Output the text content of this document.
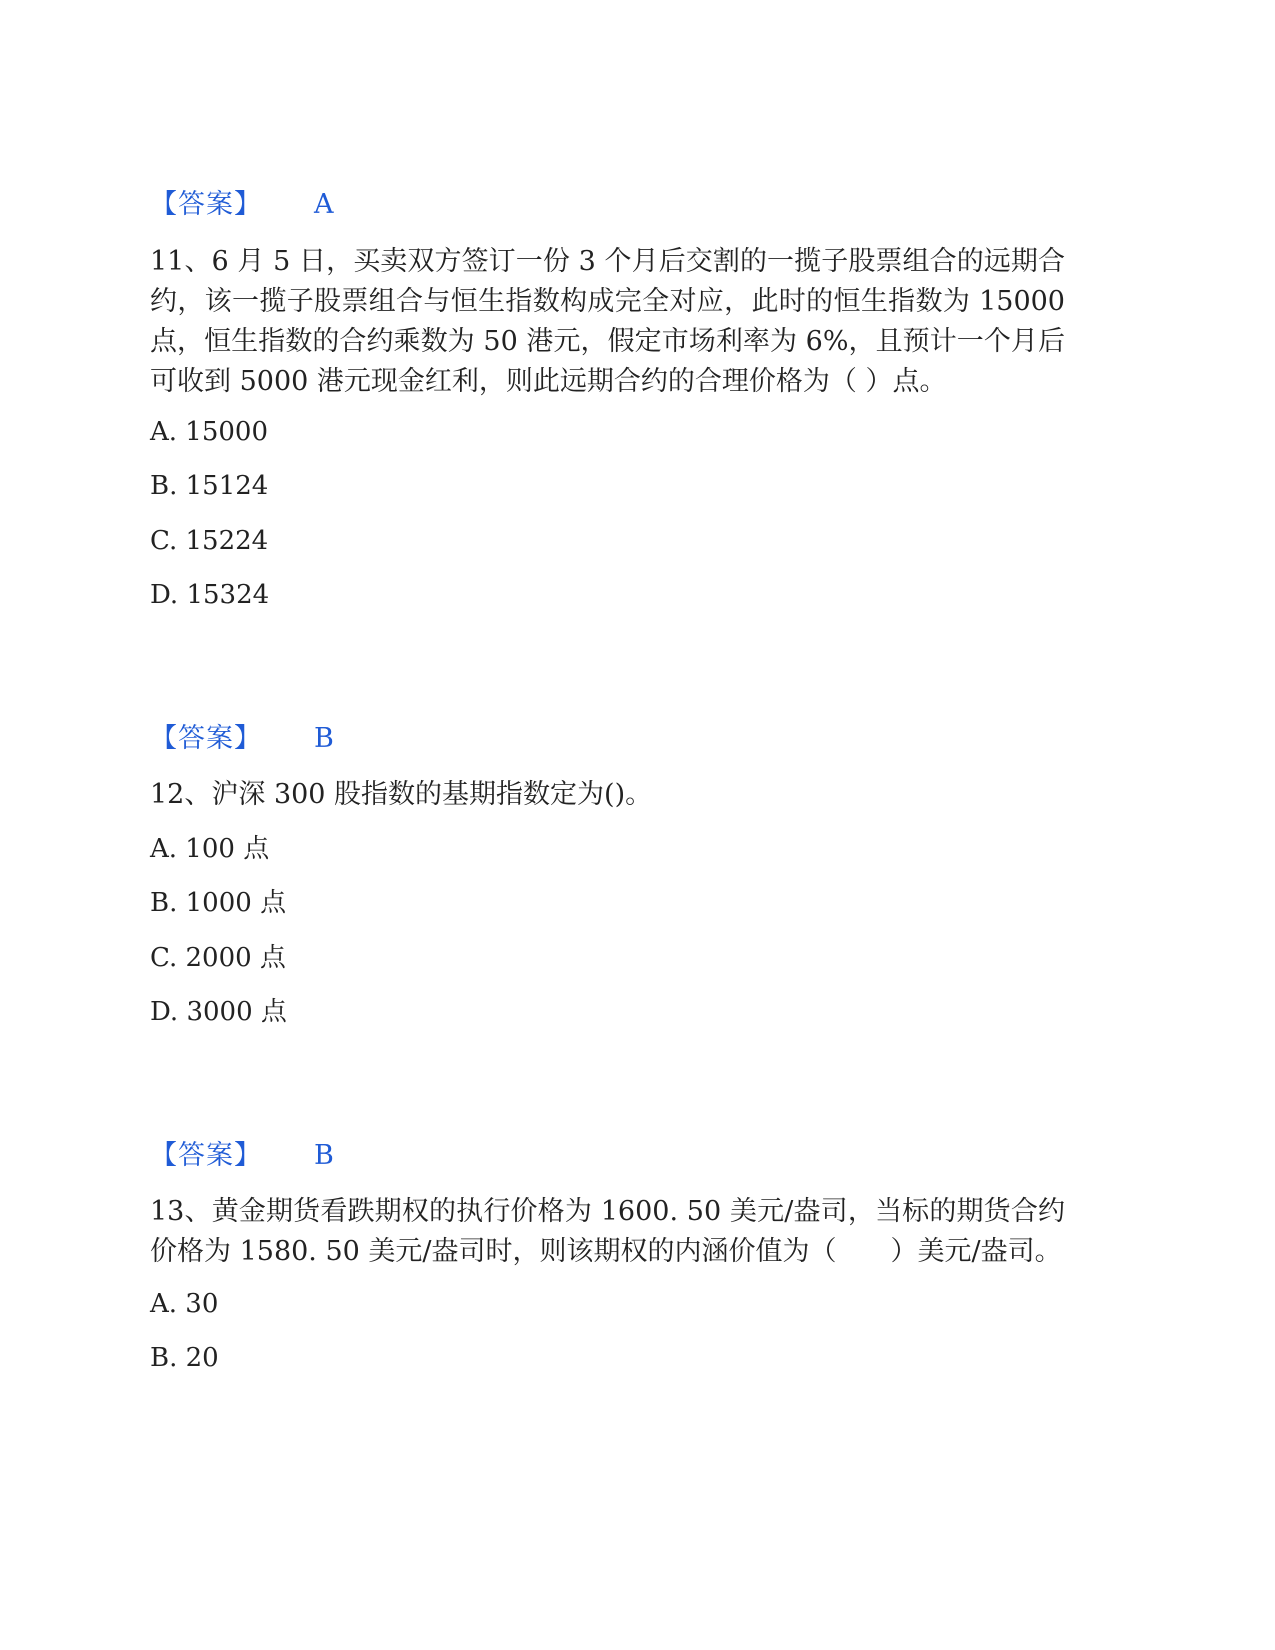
【答案】 A
11、6 月 5 日，买卖双方签订一份 3 个月后交割的一揽子股票组合的远期合约，该一揽子股票组合与恒生指数构成完全对应，此时的恒生指数为 15000 点，恒生指数的合约乘数为 50 港元，假定市场利率为 6%，且预计一个月后可收到 5000 港元现金红利，则此远期合约的合理价格为（ ）点。
A. 15000
B. 15124
C. 15224
D. 15324
【答案】 B
12、沪深 300 股指数的基期指数定为()。
A. 100 点
B. 1000 点
C. 2000 点
D. 3000 点
【答案】 B
13、黄金期货看跌期权的执行价格为 1600. 50 美元/盎司，当标的期货合约价格为 1580. 50 美元/盎司时，则该期权的内涵价值为（　　）美元/盎司。
A. 30
B. 20
